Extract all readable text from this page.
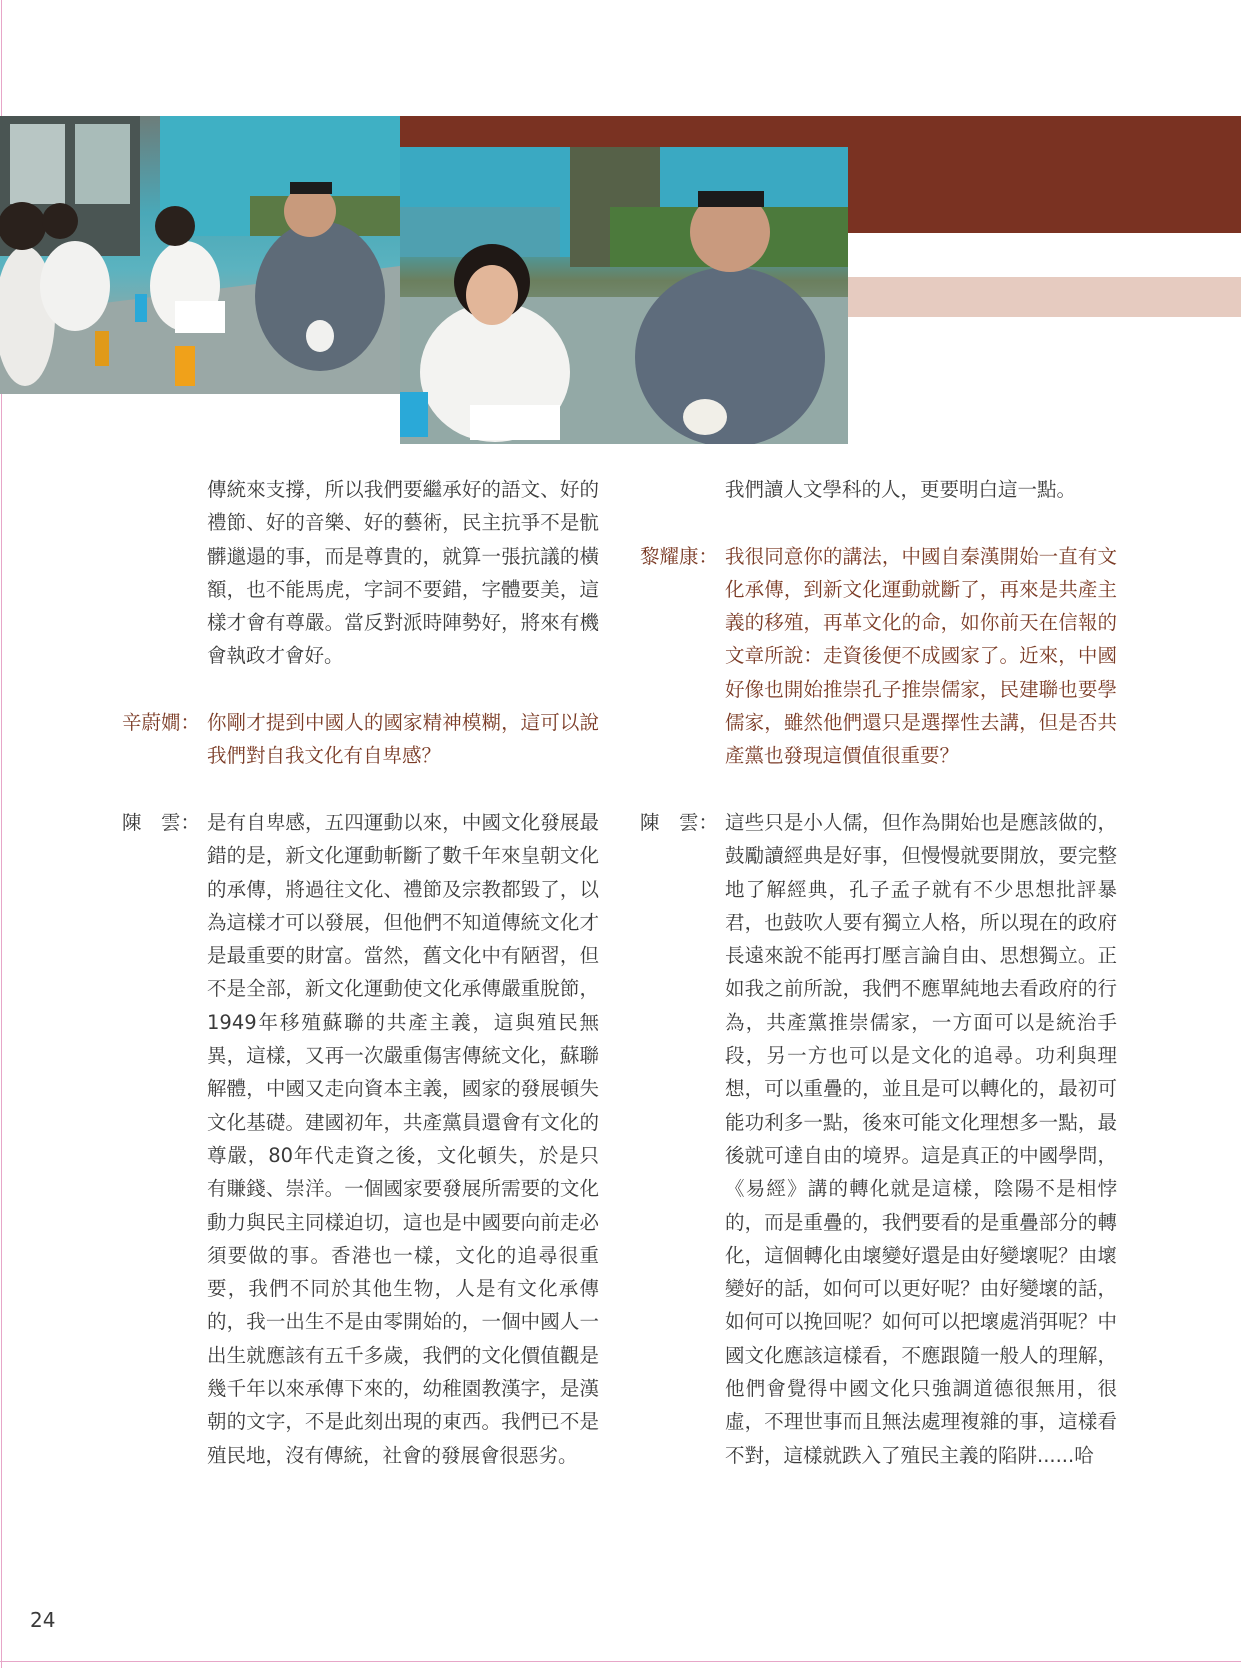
傳統來支撐，所以我們要繼承好的語文、好的禮節、好的音樂、好的藝術，民主抗爭不是骯髒邋遢的事，而是尊貴的，就算一張抗議的橫額，也不能馬虎，字詞不要錯，字體要美，這樣才會有尊嚴。當反對派時陣勢好，將來有機會執政才會好。
辛蔚嫺： 你剛才提到中國人的國家精神模糊，這可以說我們對自我文化有自卑感？
陳　雲： 是有自卑感，五四運動以來，中國文化發展最錯的是，新文化運動斬斷了數千年來皇朝文化的承傳，將過往文化、禮節及宗教都毀了，以為這樣才可以發展，但他們不知道傳統文化才是最重要的財富。當然，舊文化中有陋習，但不是全部，新文化運動使文化承傳嚴重脫節，1949年移殖蘇聯的共產主義，這與殖民無異，這樣，又再一次嚴重傷害傳統文化，蘇聯解體，中國又走向資本主義，國家的發展頓失文化基礎。建國初年，共產黨員還會有文化的尊嚴，80年代走資之後，文化頓失，於是只有賺錢、崇洋。一個國家要發展所需要的文化動力與民主同樣迫切，這也是中國要向前走必須要做的事。香港也一樣，文化的追尋很重要，我們不同於其他生物，人是有文化承傳的，我一出生不是由零開始的，一個中國人一出生就應該有五千多歲，我們的文化價值觀是幾千年以來承傳下來的，幼稚園教漢字，是漢朝的文字，不是此刻出現的東西。我們已不是殖民地，沒有傳統，社會的發展會很惡劣。
我們讀人文學科的人，更要明白這一點。
黎耀康： 我很同意你的講法，中國自秦漢開始一直有文化承傳，到新文化運動就斷了，再來是共產主義的移殖，再革文化的命，如你前天在信報的文章所說：走資後便不成國家了。近來，中國好像也開始推崇孔子推崇儒家，民建聯也要學儒家，雖然他們還只是選擇性去講，但是否共產黨也發現這價值很重要？
陳　雲： 這些只是小人儒，但作為開始也是應該做的，鼓勵讀經典是好事，但慢慢就要開放，要完整地了解經典，孔子孟子就有不少思想批評暴君，也鼓吹人要有獨立人格，所以現在的政府長遠來說不能再打壓言論自由、思想獨立。正如我之前所說，我們不應單純地去看政府的行為，共產黨推崇儒家，一方面可以是統治手段，另一方也可以是文化的追尋。功利與理想，可以重疊的，並且是可以轉化的，最初可能功利多一點，後來可能文化理想多一點，最後就可達自由的境界。這是真正的中國學問，《易經》講的轉化就是這樣，陰陽不是相悖的，而是重疊的，我們要看的是重疊部分的轉化，這個轉化由壞變好還是由好變壞呢？由壞變好的話，如何可以更好呢？由好變壞的話，如何可以挽回呢？如何可以把壞處消弭呢？中國文化應該這樣看，不應跟隨一般人的理解，他們會覺得中國文化只強調道德很無用，很虛，不理世事而且無法處理複雜的事，這樣看不對，這樣就跌入了殖民主義的陷阱......哈
24
